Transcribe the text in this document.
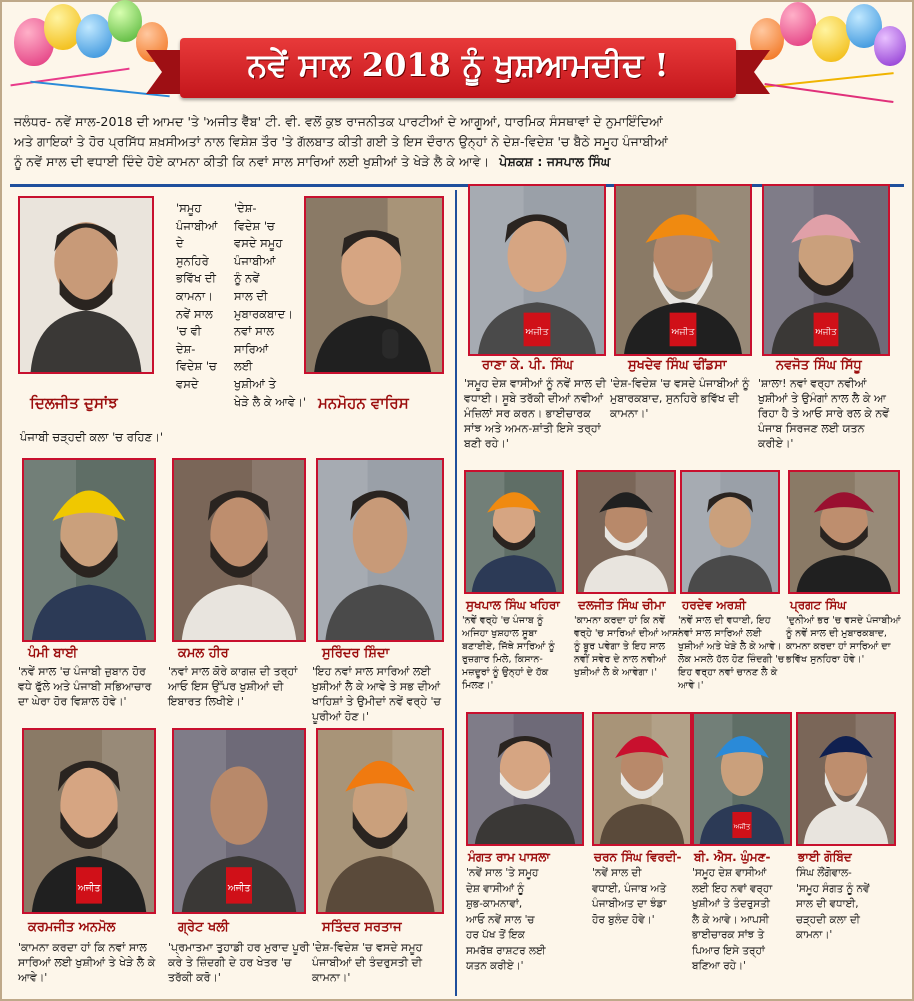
ਨਵੇਂ ਸਾਲ 2018 ਨੂੰ ਖੁਸ਼ਆਮਦੀਦ !
ਜਲੰਧਰ- ਨਵੇਂ ਸਾਲ-2018 ਦੀ ਆਮਦ 'ਤੇ 'ਅਜੀਤ ਵੈੱਬ' ਟੀ. ਵੀ. ਵਲੋਂ ਕੁਝ ਰਾਜਨੀਤਕ ਪਾਰਟੀਆਂ ਦੇ ਆਗੂਆਂ, ਧਾਰਮਿਕ ਸੰਸਥਾਵਾਂ ਦੇ ਨੁਮਾਇੰਦਿਆਂ
ਅਤੇ ਗਾਇਕਾਂ ਤੇ ਹੋਰ ਪ੍ਰਸਿੱਧ ਸ਼ਖ਼ਸੀਅਤਾਂ ਨਾਲ ਵਿਸ਼ੇਸ਼ ਤੌਰ 'ਤੇ ਗੱਲਬਾਤ ਕੀਤੀ ਗਈ ਤੇ ਇਸ ਦੌਰਾਨ ਉਨ੍ਹਾਂ ਨੇ ਦੇਸ਼-ਵਿਦੇਸ਼ 'ਚ ਬੈਠੇ ਸਮੂਹ ਪੰਜਾਬੀਆਂ
ਨੂੰ ਨਵੇਂ ਸਾਲ ਦੀ ਵਧਾਈ ਦਿੰਦੇ ਹੋਏ ਕਾਮਨਾ ਕੀਤੀ ਕਿ ਨਵਾਂ ਸਾਲ ਸਾਰਿਆਂ ਲਈ ਖੁਸ਼ੀਆਂ ਤੇ ਖੇੜੇ ਲੈ ਕੇ ਆਵੇ। ਪੇਸ਼ਕਸ਼ : ਜਸਪਾਲ ਸਿੰਘ
'ਸਮੂਹ
ਪੰਜਾਬੀਆਂ
ਦੇ
ਸੁਨਹਿਰੇ
ਭਵਿੱਖ ਦੀ
ਕਾਮਨਾ।
ਨਵੇਂ ਸਾਲ
'ਚ ਵੀ
ਦੇਸ਼-
ਵਿਦੇਸ਼ 'ਚ
ਵਸਦੇ
ਦਿਲਜੀਤ ਦੁਸਾਂਝ
ਪੰਜਾਬੀ ਚੜ੍ਹਦੀ ਕਲਾ 'ਚ ਰਹਿਣ।'
'ਦੇਸ਼-
ਵਿਦੇਸ਼ 'ਚ
ਵਸਦੇ ਸਮੂਹ
ਪੰਜਾਬੀਆਂ
ਨੂੰ ਨਵੇਂ
ਸਾਲ ਦੀ
ਮੁਬਾਰਕਬਾਦ।
ਨਵਾਂ ਸਾਲ
ਸਾਰਿਆਂ
ਲਈ
ਖੁਸ਼ੀਆਂ ਤੇ
ਖੇੜੇ ਲੈ ਕੇ ਆਵੇ।' ਮਨਮੋਹਨ ਵਾਰਿਸ
ਪੰਮੀ ਬਾਈ
'ਨਵੇਂ ਸਾਲ 'ਚ ਪੰਜਾਬੀ ਜ਼ੁਬਾਨ ਹੋਰ ਵਧੇ ਫੁੱਲੇ ਅਤੇ ਪੰਜਾਬੀ ਸਭਿਆਚਾਰ ਦਾ ਘੇਰਾ ਹੋਰ ਵਿਸ਼ਾਲ ਹੋਵੇ।'
ਕਮਲ ਹੀਰ
'ਨਵਾਂ ਸਾਲ ਕੋਰੇ ਕਾਗਜ਼ ਦੀ ਤਰ੍ਹਾਂ ਆਓ ਇਸ ਉੱਪਰ ਖੁਸ਼ੀਆਂ ਦੀ ਇਬਾਰਤ ਲਿਖੀਏ।'
ਸੁਰਿੰਦਰ ਸ਼ਿੰਦਾ
'ਇਹ ਨਵਾਂ ਸਾਲ ਸਾਰਿਆਂ ਲਈ ਖੁਸ਼ੀਆਂ ਲੈ ਕੇ ਆਵੇ ਤੇ ਸਭ ਦੀਆਂ ਖਾਹਿਸ਼ਾਂ ਤੇ ਉਮੀਦਾਂ ਨਵੇਂ ਵਰ੍ਹੇ 'ਚ ਪੂਰੀਆਂ ਹੋਣ।'
ਅਜੀਤ
ਕਰਮਜੀਤ ਅਨਮੋਲ
'ਕਾਮਨਾ ਕਰਦਾ ਹਾਂ ਕਿ ਨਵਾਂ ਸਾਲ ਸਾਰਿਆਂ ਲਈ ਖੁਸ਼ੀਆਂ ਤੇ ਖੇੜੇ ਲੈ ਕੇ ਆਵੇ।'
ਅਜੀਤ
ਗ੍ਰੇਟ ਖਲੀ
'ਪ੍ਰਮਾਤਮਾ ਤੁਹਾਡੀ ਹਰ ਮੁਰਾਦ ਪੂਰੀ ਕਰੇ ਤੇ ਜ਼ਿੰਦਗੀ ਦੇ ਹਰ ਖੇਤਰ 'ਚ ਤਰੱਕੀ ਕਰੋ।'
ਸਤਿੰਦਰ ਸਰਤਾਜ
'ਦੇਸ਼-ਵਿਦੇਸ਼ 'ਚ ਵਸਦੇ ਸਮੂਹ ਪੰਜਾਬੀਆਂ ਦੀ ਤੰਦਰੁਸਤੀ ਦੀ ਕਾਮਨਾ।'
ਅਜੀਤ
ਰਾਣਾ ਕੇ. ਪੀ. ਸਿੰਘ
'ਸਮੂਹ ਦੇਸ਼ ਵਾਸੀਆਂ ਨੂੰ ਨਵੇਂ ਸਾਲ ਦੀ ਵਧਾਈ। ਸੂਬੇ ਤਰੱਕੀ ਦੀਆਂ ਨਵੀਆਂ ਮੰਜ਼ਿਲਾਂ ਸਰ ਕਰਨ। ਭਾਈਚਾਰਕ ਸਾਂਝ ਅਤੇ ਅਮਨ-ਸ਼ਾਂਤੀ ਇਸੇ ਤਰ੍ਹਾਂ ਬਣੀ ਰਹੇ।'
ਅਜੀਤ
ਸੁਖਦੇਵ ਸਿੰਘ ਢੀਂਡਸਾ
'ਦੇਸ਼-ਵਿਦੇਸ਼ 'ਚ ਵਸਦੇ ਪੰਜਾਬੀਆਂ ਨੂੰ ਮੁਬਾਰਕਬਾਦ, ਸੁਨਹਿਰੇ ਭਵਿੱਖ ਦੀ ਕਾਮਨਾ।'
ਅਜੀਤ
ਨਵਜੋਤ ਸਿੰਘ ਸਿੱਧੂ
'ਸ਼ਾਲਾ! ਨਵਾਂ ਵਰ੍ਹਾ ਨਵੀਆਂ ਖੁਸ਼ੀਆਂ ਤੇ ਉਮੰਗਾਂ ਨਾਲ ਲੈ ਕੇ ਆ ਰਿਹਾ ਹੈ ਤੇ ਆਓ ਸਾਰੇ ਰਲ ਕੇ ਨਵੇਂ ਪੰਜਾਬ ਸਿਰਜਣ ਲਈ ਯਤਨ ਕਰੀਏ।'
ਸੁਖਪਾਲ ਸਿੰਘ ਖਹਿਰਾ
'ਨਵੇਂ ਵਰ੍ਹੇ 'ਚ ਪੰਜਾਬ ਨੂੰ ਅਜਿਹਾ ਖੁਸ਼ਹਾਲ ਸੂਬਾ ਬਣਾਈਏ, ਜਿੱਥੇ ਸਾਰਿਆਂ ਨੂੰ ਰੁਜ਼ਗਾਰ ਮਿਲੇ, ਕਿਸਾਨ-ਮਜ਼ਦੂਰਾਂ ਨੂੰ ਉਨ੍ਹਾਂ ਦੇ ਹੱਕ ਮਿਲਣ।'
ਦਲਜੀਤ ਸਿੰਘ ਚੀਮਾ
'ਕਾਮਨਾ ਕਰਦਾ ਹਾਂ ਕਿ ਨਵੇਂ ਵਰ੍ਹੇ 'ਚ ਸਾਰਿਆਂ ਦੀਆਂ ਆਸਾਂ ਨੂੰ ਬੂਰ ਪਵੇਗਾ ਤੇ ਇਹ ਸਾਲ ਨਵੀਂ ਸਵੇਰ ਦੇ ਨਾਲ ਨਵੀਆਂ ਖੁਸ਼ੀਆਂ ਲੈ ਕੇ ਆਵੇਗਾ।'
ਹਰਦੇਵ ਅਰਸ਼ੀ
'ਨਵੇਂ ਸਾਲ ਦੀ ਵਧਾਈ, ਇਹ ਨਵਾਂ ਸਾਲ ਸਾਰਿਆਂ ਲਈ ਖੁਸ਼ੀਆਂ ਅਤੇ ਖੇੜੇ ਲੈ ਕੇ ਆਵੇ। ਲੋਕ ਮਸਲੇ ਹੱਲ ਹੋਣ ਜ਼ਿੰਦਗੀ 'ਚ ਇਹ ਵਰ੍ਹਾ ਨਵਾਂ ਚਾਨਣ ਲੈ ਕੇ ਆਵੇ।'
ਪ੍ਰਗਟ ਸਿੰਘ
'ਦੁਨੀਆਂ ਭਰ 'ਚ ਵਸਦੇ ਪੰਜਾਬੀਆਂ ਨੂੰ ਨਵੇਂ ਸਾਲ ਦੀ ਮੁਬਾਰਕਬਾਦ, ਕਾਮਨਾ ਕਰਦਾ ਹਾਂ ਸਾਰਿਆਂ ਦਾ ਭਵਿੱਖ ਸੁਨਹਿਰਾ ਹੋਵੇ।'
ਮੰਗਤ ਰਾਮ ਪਾਸਲਾ
'ਨਵੇਂ ਸਾਲ 'ਤੇ ਸਮੂਹ
ਦੇਸ਼ ਵਾਸੀਆਂ ਨੂੰ
ਸ਼ੁਭ-ਕਾਮਨਾਵਾਂ,
ਆਓ ਨਵੇਂ ਸਾਲ 'ਚ
ਹਰ ਪੱਖ ਤੋਂ ਇਕ
ਸਮਰੱਥ ਰਾਸ਼ਟਰ ਲਈ
ਯਤਨ ਕਰੀਏ।'
ਚਰਨ ਸਿੰਘ ਵਿਰਦੀ-
'ਨਵੇਂ ਸਾਲ ਦੀ
ਵਧਾਈ, ਪੰਜਾਬ ਅਤੇ
ਪੰਜਾਬੀਅਤ ਦਾ ਝੰਡਾ
ਹੋਰ ਬੁਲੰਦ ਹੋਵੇ।'
ਅਜੀਤ
ਬੀ. ਐਸ. ਘੁੰਮਣ-
'ਸਮੂਹ ਦੇਸ਼ ਵਾਸੀਆਂ
ਲਈ ਇਹ ਨਵਾਂ ਵਰ੍ਹਾ
ਖੁਸ਼ੀਆਂ ਤੇ ਤੰਦਰੁਸਤੀ
ਲੈ ਕੇ ਆਵੇ। ਆਪਸੀ
ਭਾਈਚਾਰਕ ਸਾਂਝ ਤੇ
ਪਿਆਰ ਇਸੇ ਤਰ੍ਹਾਂ
ਬਣਿਆ ਰਹੇ।'
ਭਾਈ ਗੋਬਿੰਦ
ਸਿੰਘ ਲੌਂਗੋਵਾਲ-
'ਸਮੂਹ ਸੰਗਤ ਨੂੰ ਨਵੇਂ
ਸਾਲ ਦੀ ਵਧਾਈ,
ਚੜ੍ਹਦੀ ਕਲਾ ਦੀ
ਕਾਮਨਾ।'
